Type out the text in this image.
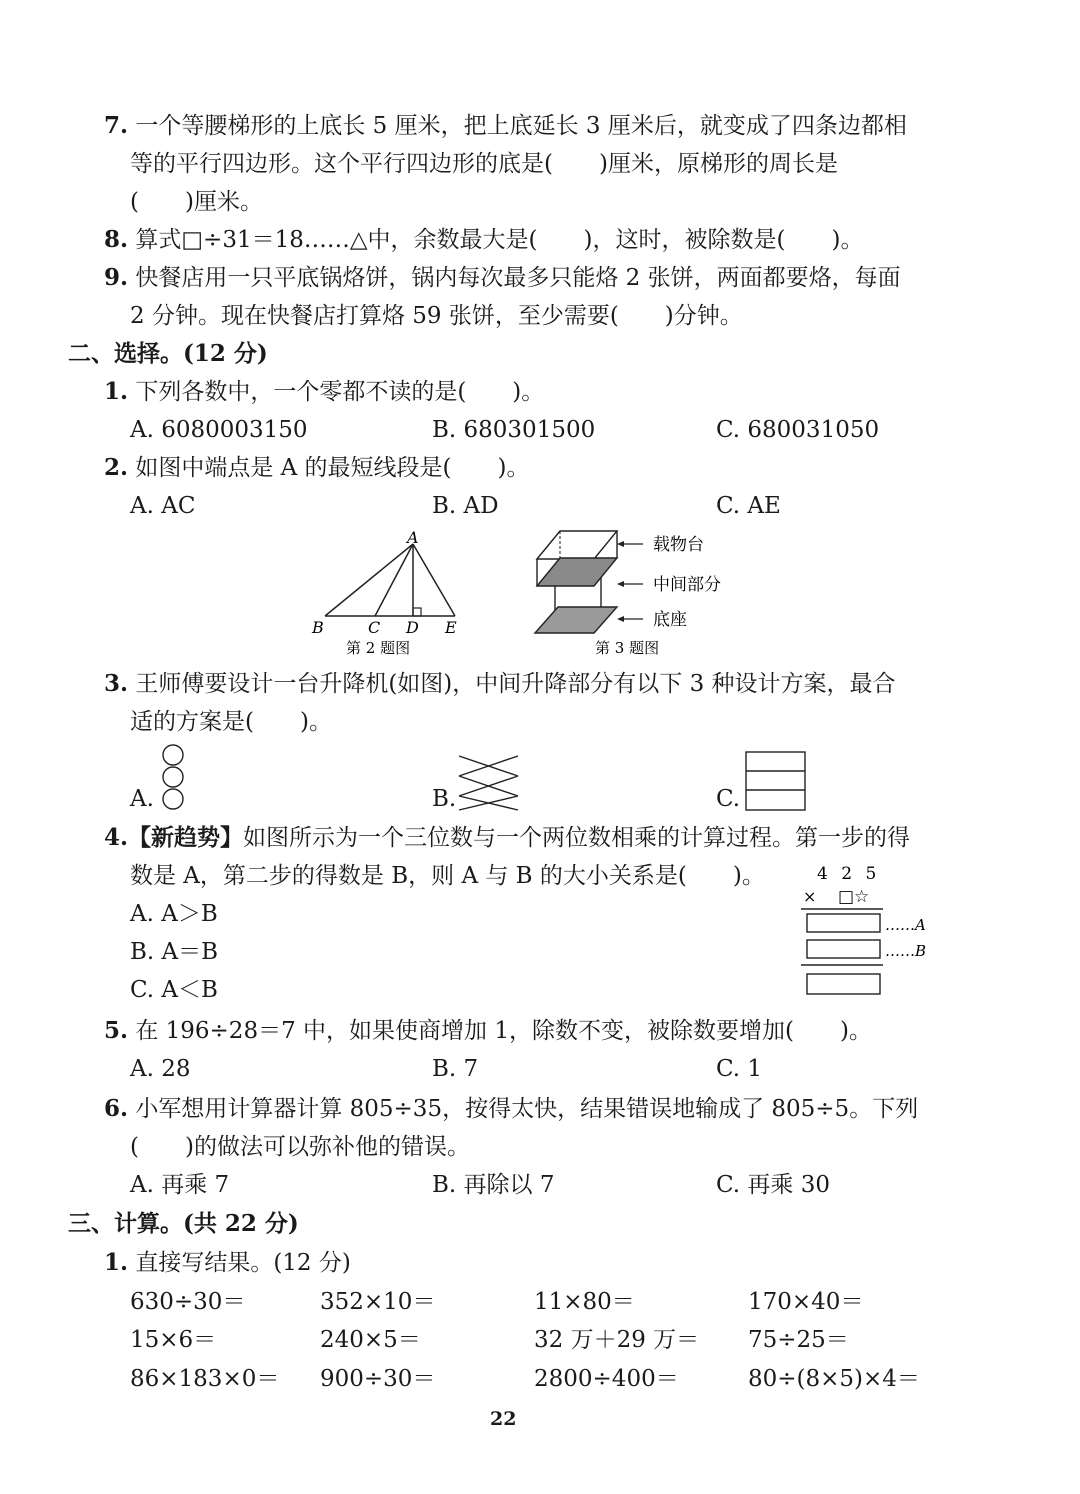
7. 一个等腰梯形的上底长 5 厘米，把上底延长 3 厘米后，就变成了四条边都相
等的平行四边形。这个平行四边形的底是(　　)厘米，原梯形的周长是
(　　)厘米。
8. 算式□÷31＝18……△中，余数最大是(　　)，这时，被除数是(　　)。
9. 快餐店用一只平底锅烙饼，锅内每次最多只能烙 2 张饼，两面都要烙，每面
2 分钟。现在快餐店打算烙 59 张饼，至少需要(　　)分钟。
二、选择。(12 分)
1. 下列各数中，一个零都不读的是(　　)。
A. 6080003150	B. 680301500	C. 680031050
2. 如图中端点是 A 的最短线段是(　　)。
A. AC	B. AD	C. AE
A
B	C D E
第 2 题图
载物台
中间部分
底座
第 3 题图
3. 王师傅要设计一台升降机(如图)，中间升降部分有以下 3 种设计方案，最合
适的方案是(　　)。
A.	B.	C.
4.【新趋势】如图所示为一个三位数与一个两位数相乘的计算过程。第一步的得
数是 A，第二步的得数是 B，则 A 与 B 的大小关系是(　　)。
A. A＞B
B. A＝B
C. A＜B
4 2 5
× □☆
……A
……B
5. 在 196÷28＝7 中，如果使商增加 1，除数不变，被除数要增加(　　)。
A. 28	B. 7	C. 1
6. 小军想用计算器计算 805÷35，按得太快，结果错误地输成了 805÷5。下列
(　　)的做法可以弥补他的错误。
A. 再乘 7	B. 再除以 7	C. 再乘 30
三、计算。(共 22 分)
1. 直接写结果。(12 分)
630÷30＝	352×10＝	11×80＝	170×40＝
15×6＝	240×5＝	32 万＋29 万＝ 75÷25＝
86×183×0＝ 900÷30＝	2800÷400＝	80÷(8×5)×4＝
22
